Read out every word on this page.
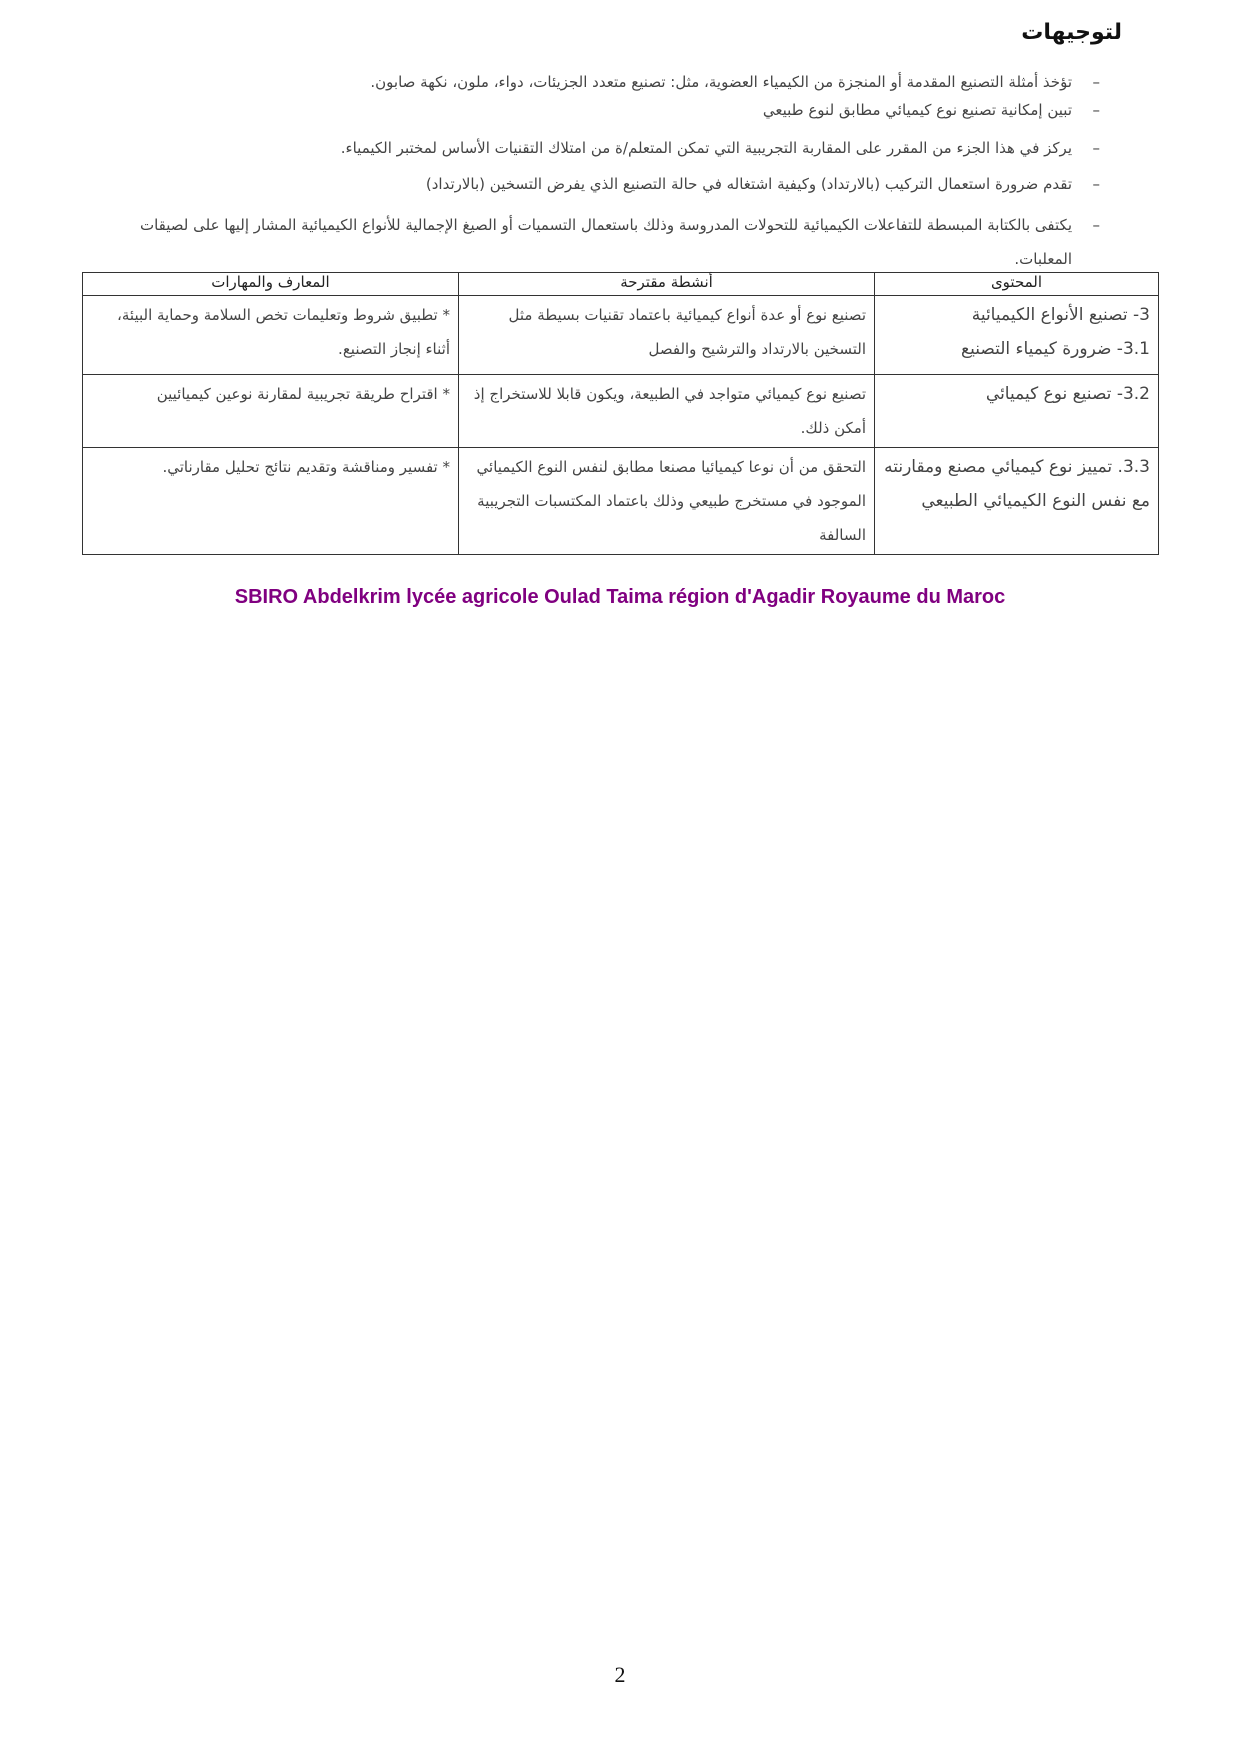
لتوجيهات
–
تؤخذ أمثلة التصنيع المقدمة أو المنجزة من الكيمياء العضوية، مثل: تصنيع متعدد الجزيئات، دواء، ملون، نكهة صابون.
–
تبين إمكانية تصنيع نوع كيميائي مطابق لنوع طبيعي
–
يركز في هذا الجزء من المقرر على المقاربة التجريبية التي تمكن المتعلم/ة من امتلاك التقنيات الأساس لمختبر الكيمياء.
–
تقدم ضرورة استعمال التركيب (بالارتداد) وكيفية اشتغاله في حالة التصنيع الذي يفرض التسخين (بالارتداد)
–
يكتفى بالكتابة المبسطة للتفاعلات الكيميائية للتحولات المدروسة وذلك باستعمال التسميات أو الصيغ الإجمالية للأنواع الكيميائية المشار إليها على لصيقات المعلبات.
المحتوى	أنشطة مقترحة	المعارف والمهارات

3- تصنيع الأنواع الكيميائية
3.1- ضرورة كيمياء التصنيع	تصنيع نوع أو عدة أنواع كيميائية باعتماد تقنيات بسيطة مثل التسخين بالارتداد والترشيح والفصل	* تطبيق شروط وتعليمات تخص السلامة وحماية البيئة، أثناء إنجاز التصنيع.

3.2- تصنيع نوع كيميائي	تصنيع نوع كيميائي متواجد في الطبيعة، ويكون قابلا للاستخراج إذ أمكن ذلك.	* اقتراح طريقة تجريبية لمقارنة نوعين كيميائيين

3.3. تمييز نوع كيميائي مصنع ومقارنته مع نفس النوع الكيميائي الطبيعي	التحقق من أن نوعا كيميائيا مصنعا مطابق لنفس النوع الكيميائي الموجود في مستخرج طبيعي وذلك باعتماد المكتسبات التجريبية السالفة	* تفسير ومناقشة وتقديم نتائج تحليل مقارناتي.
SBIRO Abdelkrim lycée agricole Oulad Taima région d'Agadir Royaume du Maroc
2
